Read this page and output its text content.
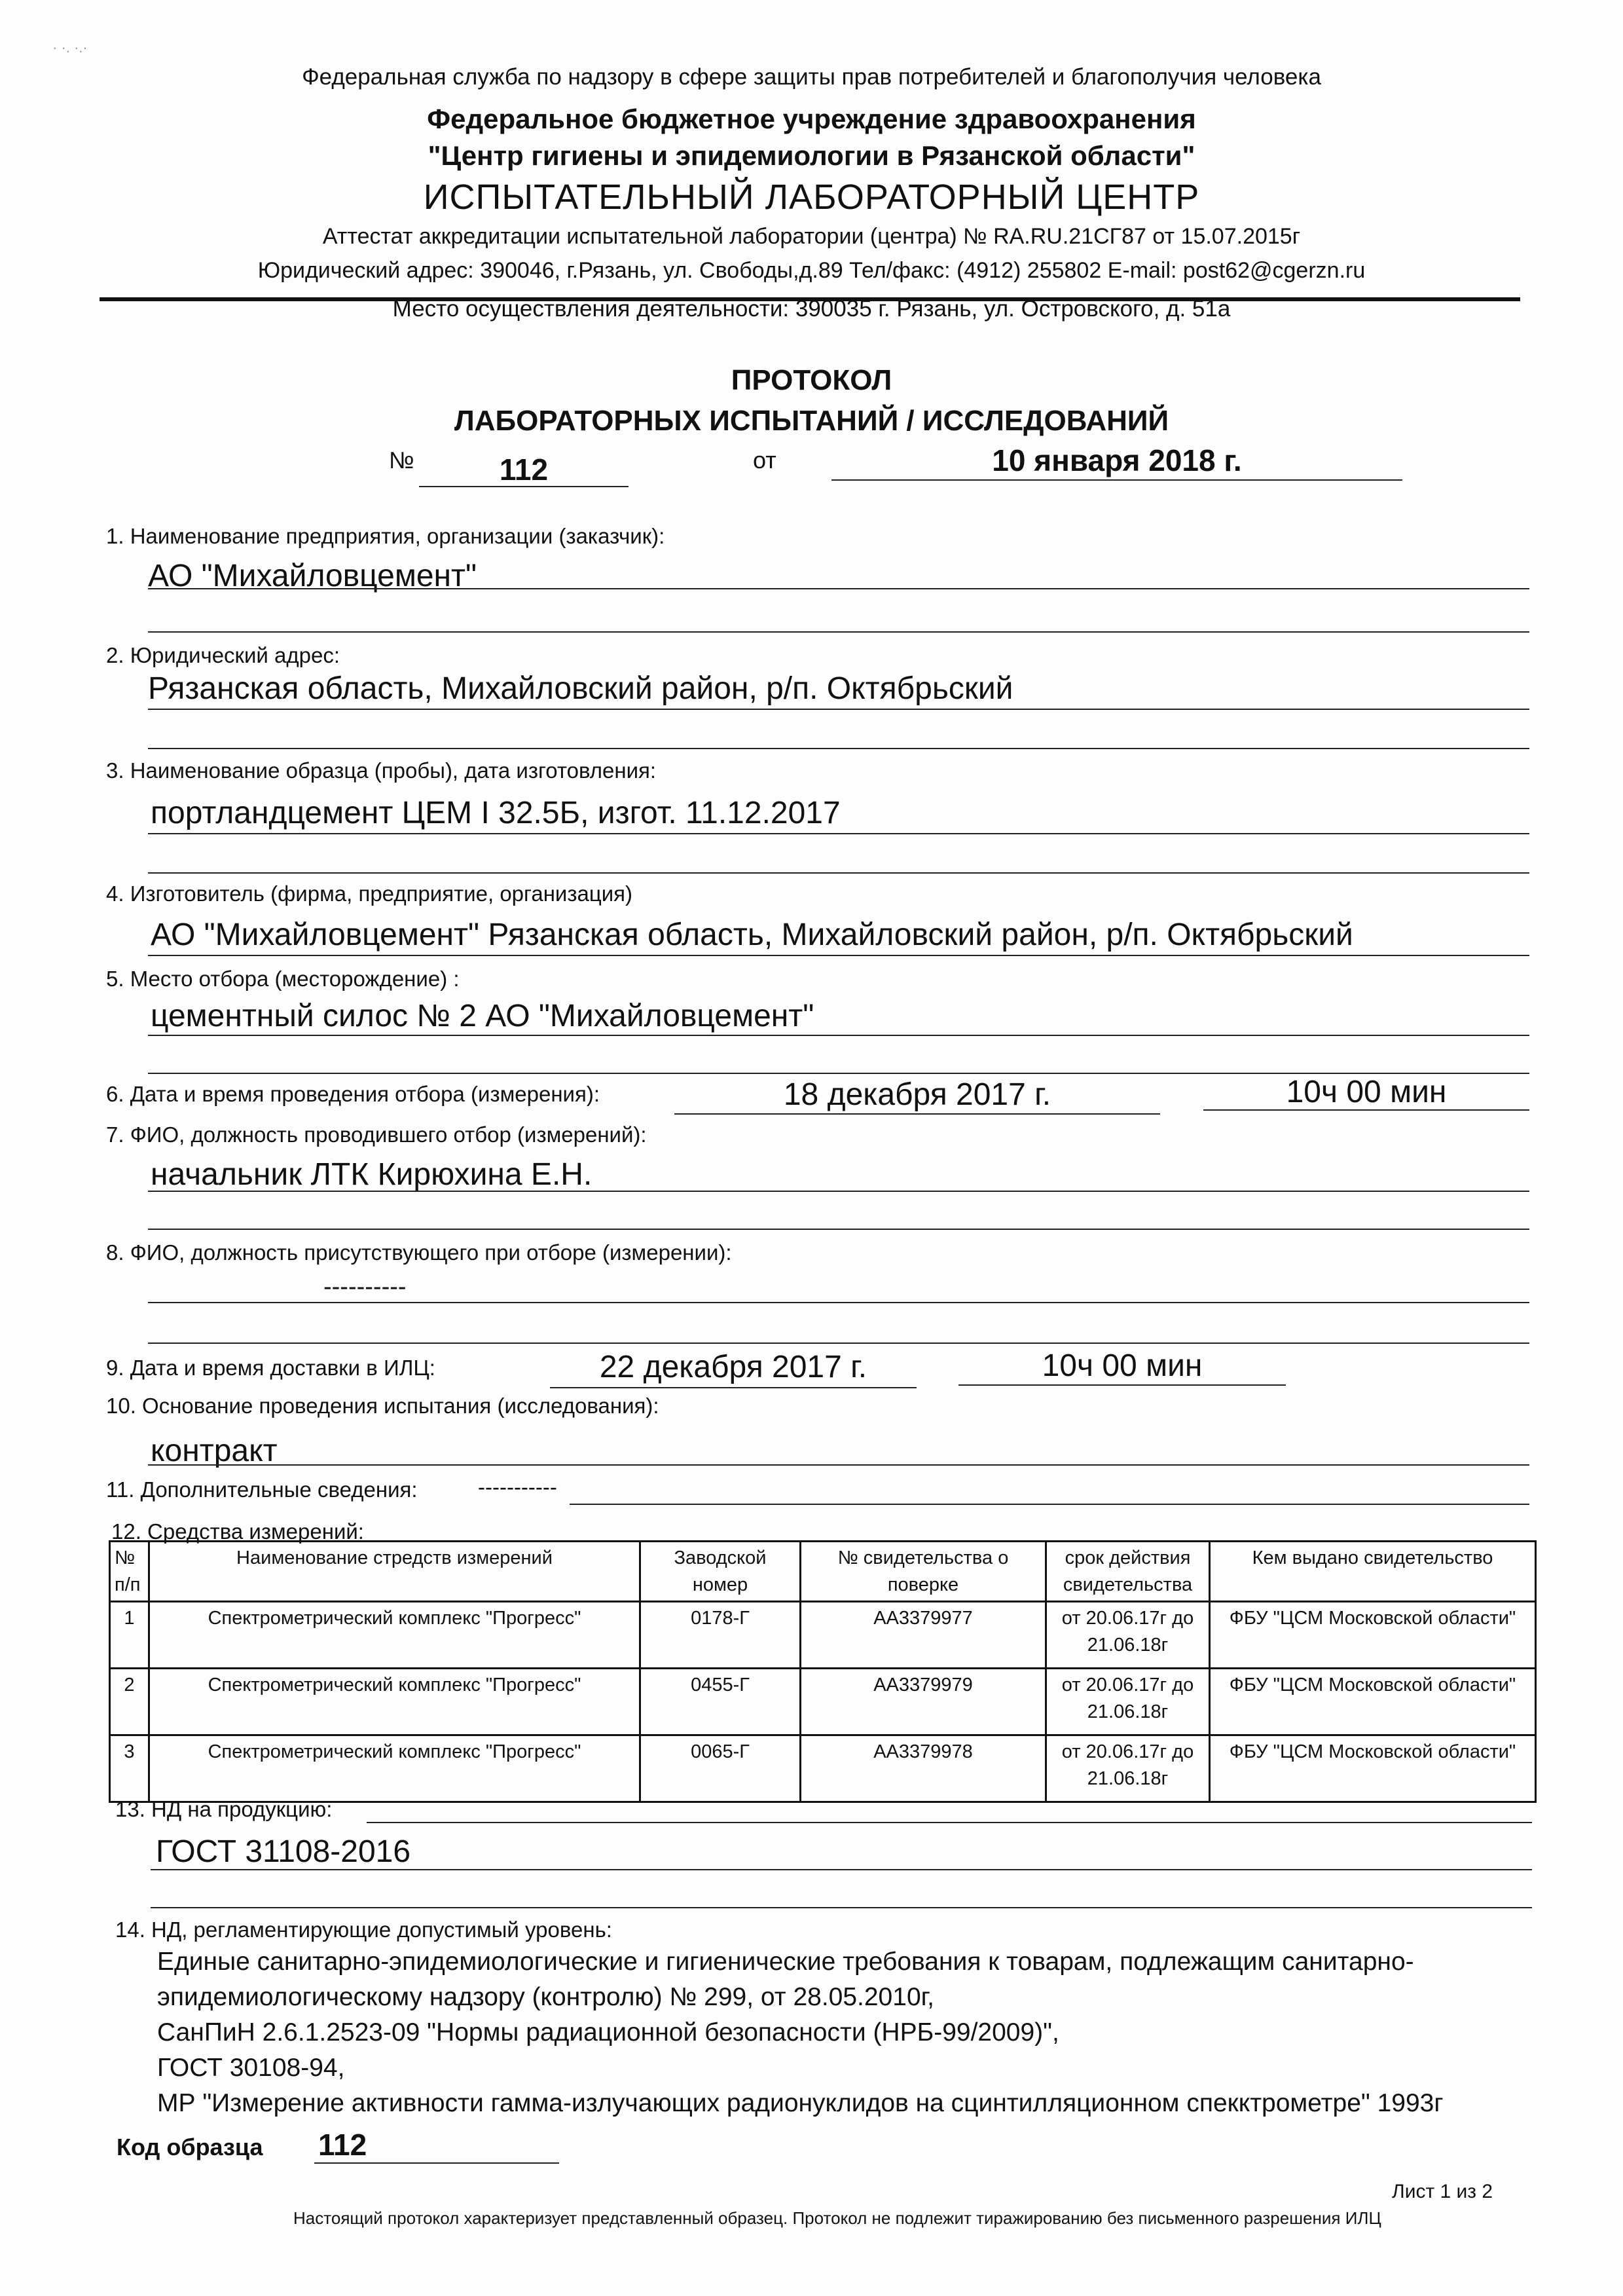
· ·. ·.·
Федеральная служба по надзору в сфере защиты прав потребителей и благополучия человека
Федеральное бюджетное учреждение здравоохранения
"Центр гигиены и эпидемиологии в Рязанской области"
ИСПЫТАТЕЛЬНЫЙ ЛАБОРАТОРНЫЙ ЦЕНТР
Аттестат аккредитации испытательной лаборатории (центра) № RA.RU.21СГ87 от 15.07.2015г
Юридический адрес: 390046, г.Рязань, ул. Свободы,д.89 Тел/факс: (4912) 255802 E-mail: post62@cgerzn.ru
Место осуществления деятельности: 390035 г. Рязань, ул. Островского, д. 51а
ПРОТОКОЛ
ЛАБОРАТОРНЫХ ИСПЫТАНИЙ / ИССЛЕДОВАНИЙ
№	112	от	10 января 2018 г.
1. Наименование предприятия, организации (заказчик):
АО "Михайловцемент"
2. Юридический адрес:
Рязанская область, Михайловский район, р/п. Октябрьский
3. Наименование образца (пробы), дата изготовления:
портландцемент ЦЕМ I 32.5Б, изгот. 11.12.2017
4. Изготовитель (фирма, предприятие, организация)
АО "Михайловцемент" Рязанская область, Михайловский район, р/п. Октябрьский
5. Место отбора (месторождение) :
цементный силос № 2 АО "Михайловцемент"
6. Дата и время проведения отбора (измерения):	18 декабря 2017 г.	10ч 00 мин
7. ФИО, должность проводившего отбор (измерений):
начальник ЛТК Кирюхина Е.Н.
8. ФИО, должность присутствующего при отборе (измерении):
----------
9. Дата и время доставки в ИЛЦ:	22 декабря 2017 г.	10ч 00 мин
10. Основание проведения испытания (исследования):
контракт
11. Дополнительные сведения:	-----------
12. Средства измерений:
№ п/п	Наименование стредств измерений	Заводской номер	№ свидетельства о поверке	срок действия свидетельства	Кем выдано свидетельство
1	Спектрометрический комплекс "Прогресс"	0178-Г	АА3379977	от 20.06.17г до 21.06.18г	ФБУ "ЦСМ Московской области"
2	Спектрометрический комплекс "Прогресс"	0455-Г	АА3379979	от 20.06.17г до 21.06.18г	ФБУ "ЦСМ Московской области"
3	Спектрометрический комплекс "Прогресс"	0065-Г	АА3379978	от 20.06.17г до 21.06.18г	ФБУ "ЦСМ Московской области"
13. НД на продукцию:
ГОСТ 31108-2016
14. НД, регламентирующие допустимый уровень:
Единые санитарно-эпидемиологические и гигиенические требования к товарам, подлежащим санитарно-
эпидемиологическому надзору (контролю) № 299, от 28.05.2010г,
СанПиН 2.6.1.2523-09 "Нормы радиационной безопасности (НРБ-99/2009)",
ГОСТ 30108-94,
МР "Измерение активности гамма-излучающих радионуклидов на сцинтилляционном спекктрометре" 1993г
Код образца 112
Лист 1 из 2
Настоящий протокол характеризует представленный образец. Протокол не подлежит тиражированию без письменного разрешения ИЛЦ
